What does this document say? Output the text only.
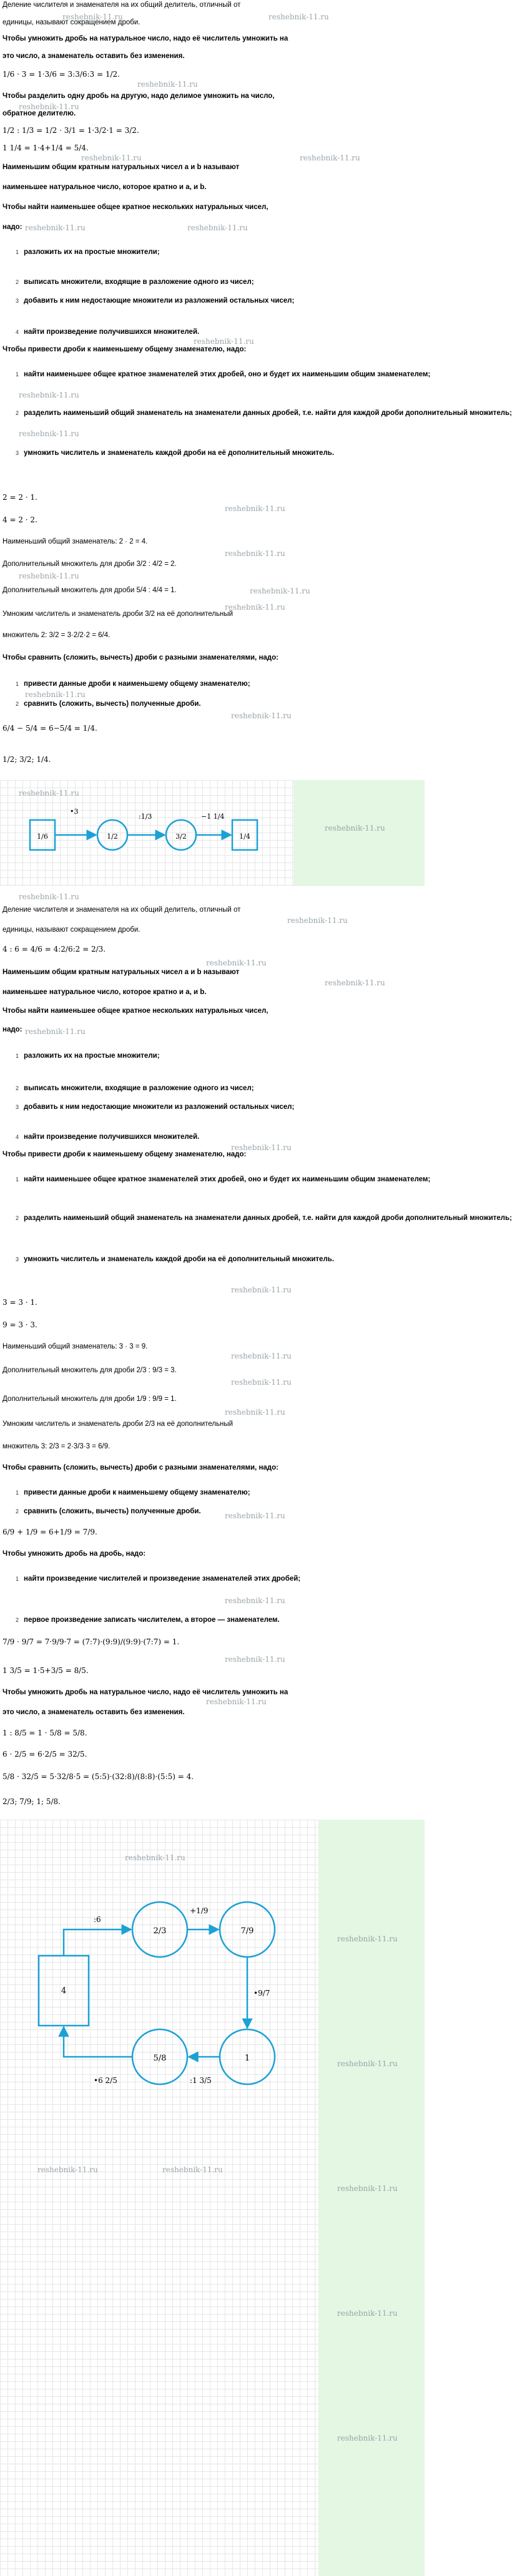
Деление числителя и знаменателя на их общий делитель, отличный от
reshebnik-11.ru	reshebnik-11.ru
единицы, называют сокращением дроби.
Чтобы умножить дробь на натуральное число, надо её числитель умножить на
это число, а знаменатель оставить без изменения.
1/6 · 3 = 1·3/6 = 3:3/6:3 = 1/2.
reshebnik-11.ru
Чтобы разделить одну дробь на другую, надо делимое умножить на число,
reshebnik-11.ru
обратное делителю.
1/2 : 1/3 = 1/2 · 3/1 = 1·3/2·1 = 3/2.
1 1/4 = 1·4+1/4 = 5/4.
reshebnik-11.ru	reshebnik-11.ru
Наименьшим общим кратным натуральных чисел a и b называют
наименьшее натуральное число, которое кратно и a, и b.
Чтобы найти наименьшее общее кратное нескольких натуральных чисел,
надо: reshebnik-11.ru	reshebnik-11.ru
1 разложить их на простые множители;
2 выписать множители, входящие в разложение одного из чисел;
3 добавить к ним недостающие множители из разложений остальных чисел;
4 найти произведение получившихся множителей.
Чтобы привести дроби к наименьшему общему знаменателю, надо:
reshebnik-11.ru
1 найти наименьшее общее кратное знаменателей этих дробей, оно и будет их наименьшим общим знаменателем;
reshebnik-11.ru
2 разделить наименьший общий знаменатель на знаменатели данных дробей, т.е. найти для каждой дроби дополнительный множитель;
reshebnik-11.ru
3 умножить числитель и знаменатель каждой дроби на её дополнительный множитель.
2 = 2 · 1.
reshebnik-11.ru
4 = 2 · 2.
Наименьший общий знаменатель: 2 · 2 = 4.
reshebnik-11.ru
Дополнительный множитель для дроби 3/2 : 4/2 = 2.
reshebnik-11.ru
Дополнительный множитель для дроби 5/4 : 4/4 = 1.	reshebnik-11.ru
Умножим числитель и знаменатель дроби 3/2 на её дополнительный
reshebnik-11.ru
множитель 2: 3/2 = 3·2/2·2 = 6/4.
Чтобы сравнить (сложить, вычесть) дроби с разными знаменателями, надо:
1 привести данные дроби к наименьшему общему знаменателю;
reshebnik-11.ru
2 сравнить (сложить, вычесть) полученные дроби.
reshebnik-11.ru
6/4 − 5/4 = 6−5/4 = 1/4.
1/2; 3/2; 1/4.
reshebnik-11.ru
reshebnik-11.ru
1/6	1/2	3/2	1/4
•3
:1/3	−1 1/4
reshebnik-11.ru
Деление числителя и знаменателя на их общий делитель, отличный от
reshebnik-11.ru
единицы, называют сокращением дроби.
4 : 6 = 4/6 = 4:2/6:2 = 2/3.
reshebnik-11.ru
Наименьшим общим кратным натуральных чисел a и b называют
reshebnik-11.ru
наименьшее натуральное число, которое кратно и a, и b.
Чтобы найти наименьшее общее кратное нескольких натуральных чисел,
надо: reshebnik-11.ru
1 разложить их на простые множители;
2 выписать множители, входящие в разложение одного из чисел;
3 добавить к ним недостающие множители из разложений остальных чисел;
4 найти произведение получившихся множителей.
Чтобы привести дроби к наименьшему общему знаменателю, надо:
reshebnik-11.ru
1 найти наименьшее общее кратное знаменателей этих дробей, оно и будет их наименьшим общим знаменателем;
2 разделить наименьший общий знаменатель на знаменатели данных дробей, т.е. найти для каждой дроби дополнительный множитель;
3 умножить числитель и знаменатель каждой дроби на её дополнительный множитель.
reshebnik-11.ru
3 = 3 · 1.
9 = 3 · 3.
Наименьший общий знаменатель: 3 · 3 = 9.
reshebnik-11.ru
Дополнительный множитель для дроби 2/3 : 9/3 = 3.
reshebnik-11.ru
Дополнительный множитель для дроби 1/9 : 9/9 = 1.
reshebnik-11.ru
Умножим числитель и знаменатель дроби 2/3 на её дополнительный
множитель 3: 2/3 = 2·3/3·3 = 6/9.
Чтобы сравнить (сложить, вычесть) дроби с разными знаменателями, надо:
1 привести данные дроби к наименьшему общему знаменателю;
2 сравнить (сложить, вычесть) полученные дроби.	reshebnik-11.ru
6/9 + 1/9 = 6+1/9 = 7/9.
Чтобы умножить дробь на дробь, надо:
1 найти произведение числителей и произведение знаменателей этих дробей;
reshebnik-11.ru
2 первое произведение записать числителем, а второе — знаменателем.
7/9 · 9/7 = 7·9/9·7 = (7:7)·(9:9)/(9:9)·(7:7) = 1.
reshebnik-11.ru
1 3/5 = 1·5+3/5 = 8/5.
Чтобы умножить дробь на натуральное число, надо её числитель умножить на
reshebnik-11.ru
это число, а знаменатель оставить без изменения.
1 : 8/5 = 1 · 5/8 = 5/8.
6 · 2/5 = 6·2/5 = 32/5.
5/8 · 32/5 = 5·32/8·5 = (5:5)·(32:8)/(8:8)·(5:5) = 4.
2/3; 7/9; 1; 5/8.
reshebnik-11.ru
reshebnik-11.ru
reshebnik-11.ru
reshebnik-11.ru
reshebnik-11.ru
reshebnik-11.ru
reshebnik-11.ru	reshebnik-11.ru
4
2/3	7/9
1
5/8
:6
+1/9
•9/7
:1 3/5
•6 2/5
